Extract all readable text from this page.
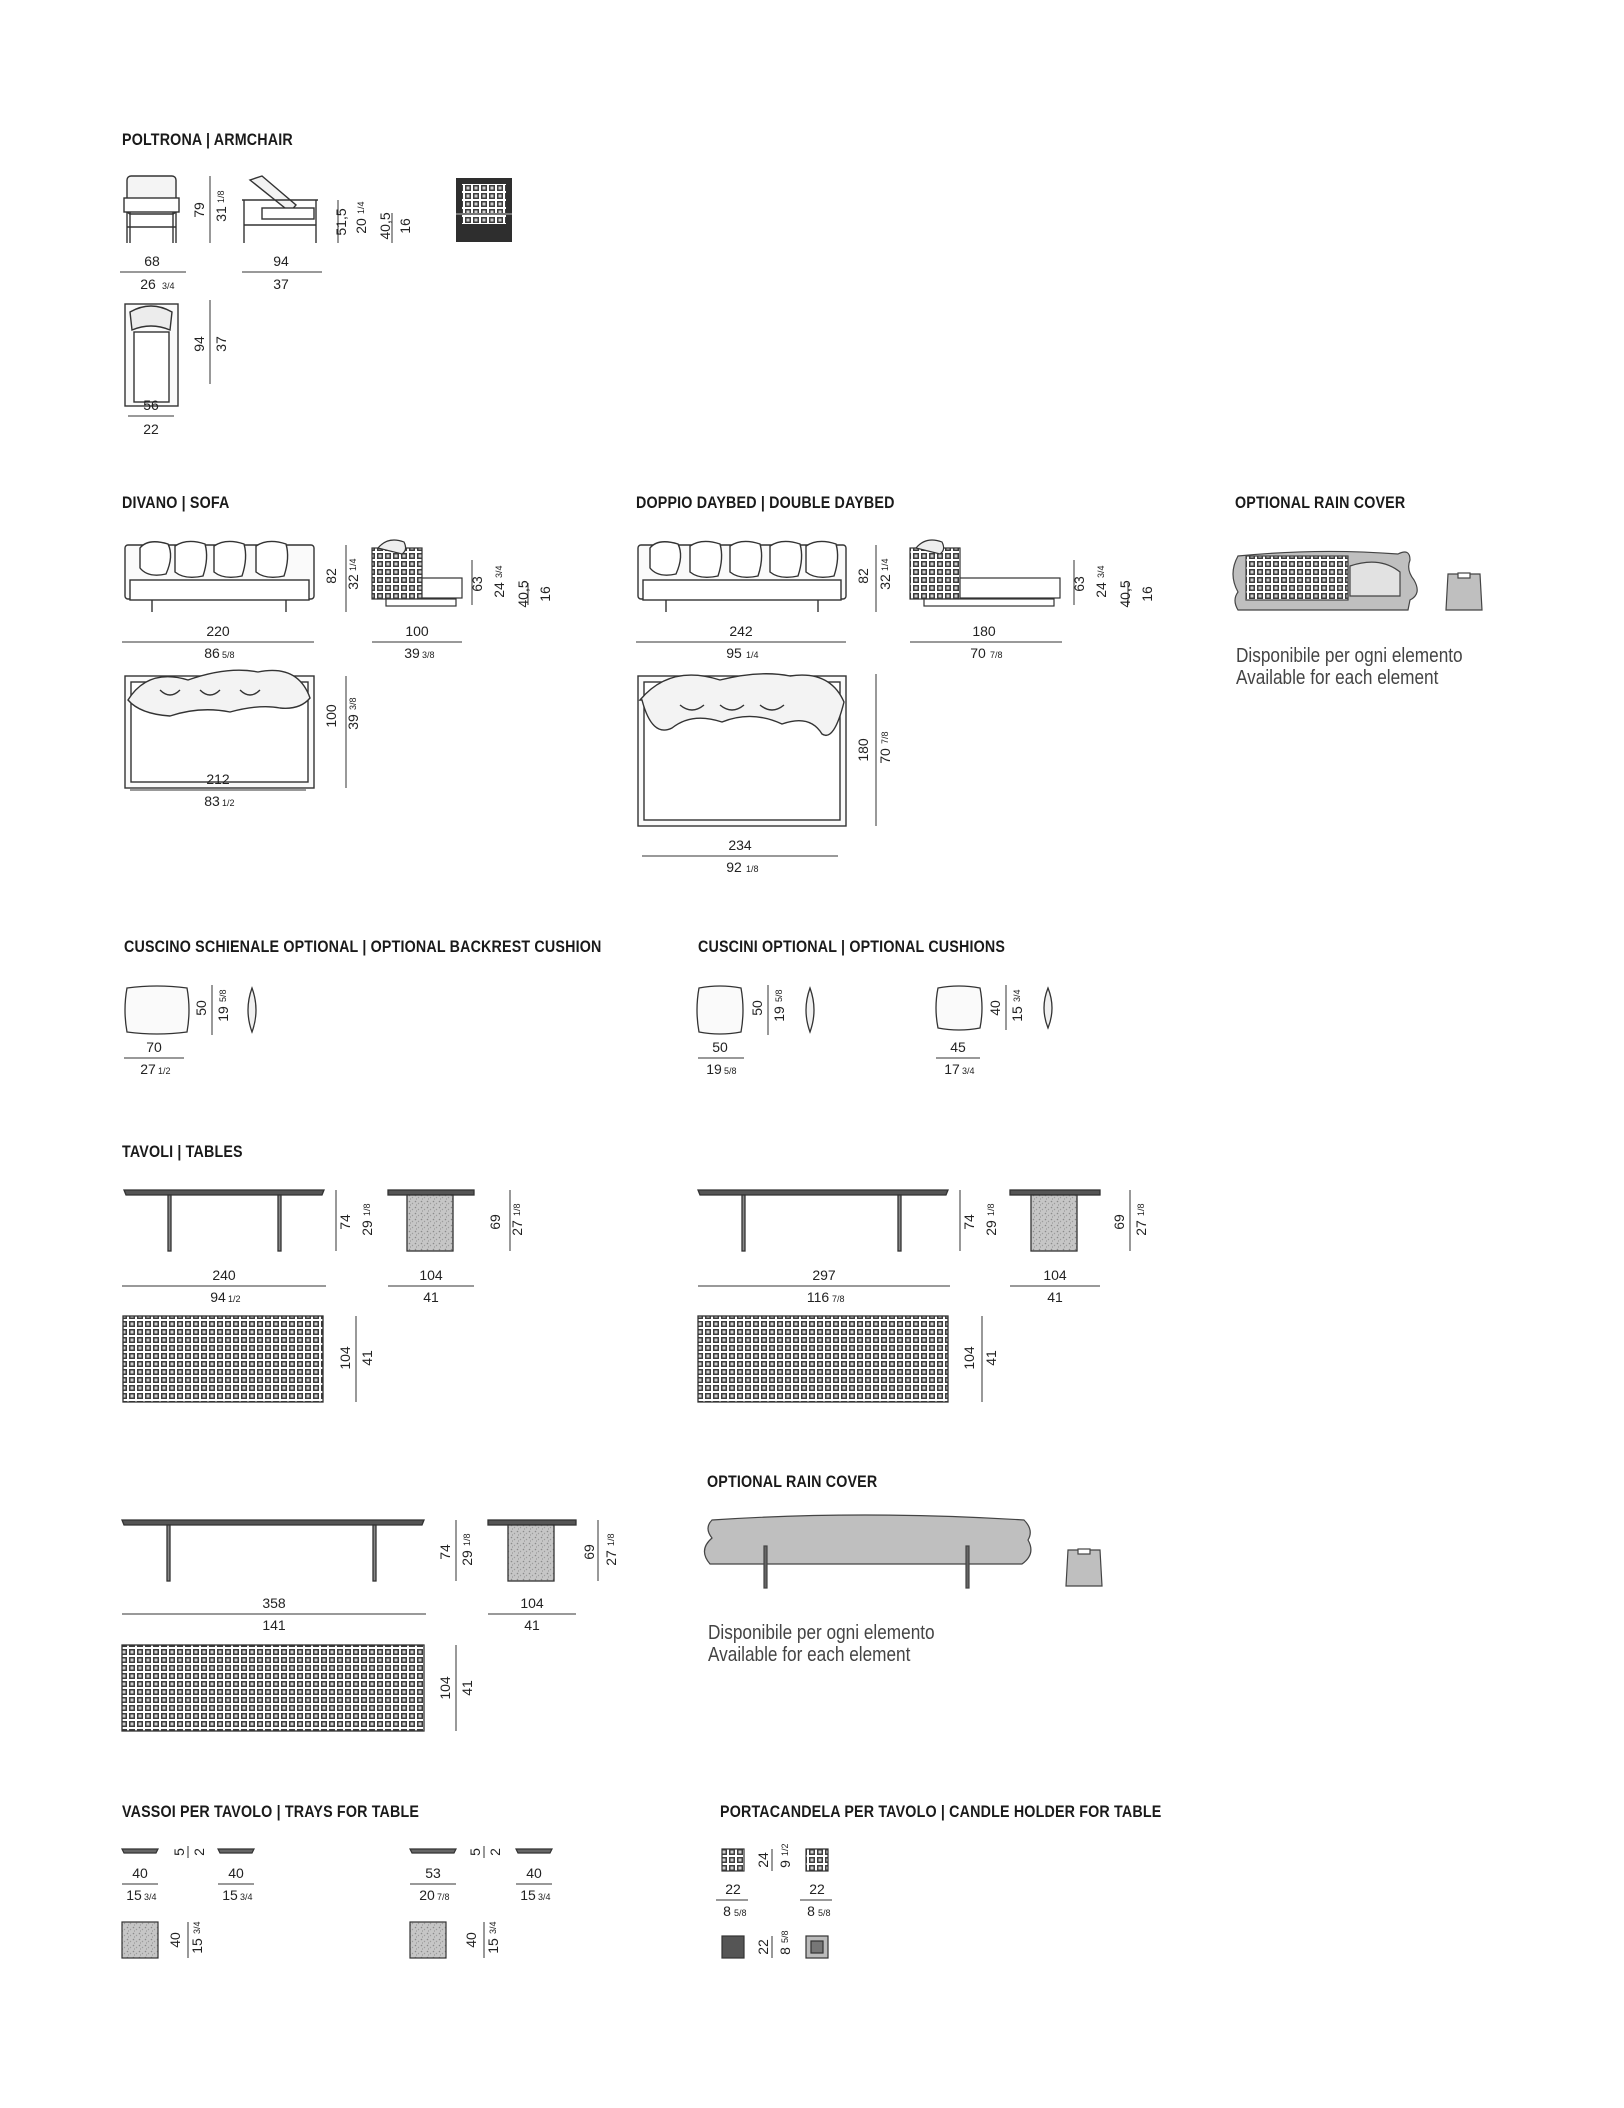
POLTRONA | ARMCHAIR
DIVANO | SOFA	DOPPIO DAYBED | DOUBLE DAYBED	OPTIONAL RAIN COVER
CUSCINO SCHIENALE OPTIONAL | OPTIONAL BACKREST CUSHION	CUSCINI OPTIONAL | OPTIONAL CUSHIONS
TAVOLI | TABLES
OPTIONAL RAIN COVER
VASSOI PER TAVOLO | TRAYS FOR TABLE	PORTACANDELA PER TAVOLO | CANDLE HOLDER FOR TABLE
Disponibile per ogni elemento
Available for each element
Disponibile per ogni elemento
Available for each element
68
26 3/4
79 31
1/8
94
37
51,5 20
1/4
40,5 16
56
22
94 37
220
86 5/8
82 32
1/4
100
39 3/8
63 24
3/4
40,5 16
212
83 1/2
100 39
3/8
242
95 1/4
82 32
1/4
180
70 7/8
63 24
3/4
40,5 16
234
92 1/8
180 70
7/8
70
27 1/2
50 19
5/8
50
19 5/8
50 19
5/8
45
17 3/4
40 15
3/4
240
94 1/2
74 29
1/8
104
41
69 27
1/8
104 41
297
116 7/8
74 29
1/8
104
41
69 27
1/8
104 41
358
141
74 29
1/8
104
41
69 27
1/8
104 41
5 2	5 2
40
15 3/4
40
15 3/4
40 15
3/4
53
20 7/8
40
15 3/4
40 15
3/4
24 9
1/2
22
8 5/8
22
8 5/8
22 8
5/8
